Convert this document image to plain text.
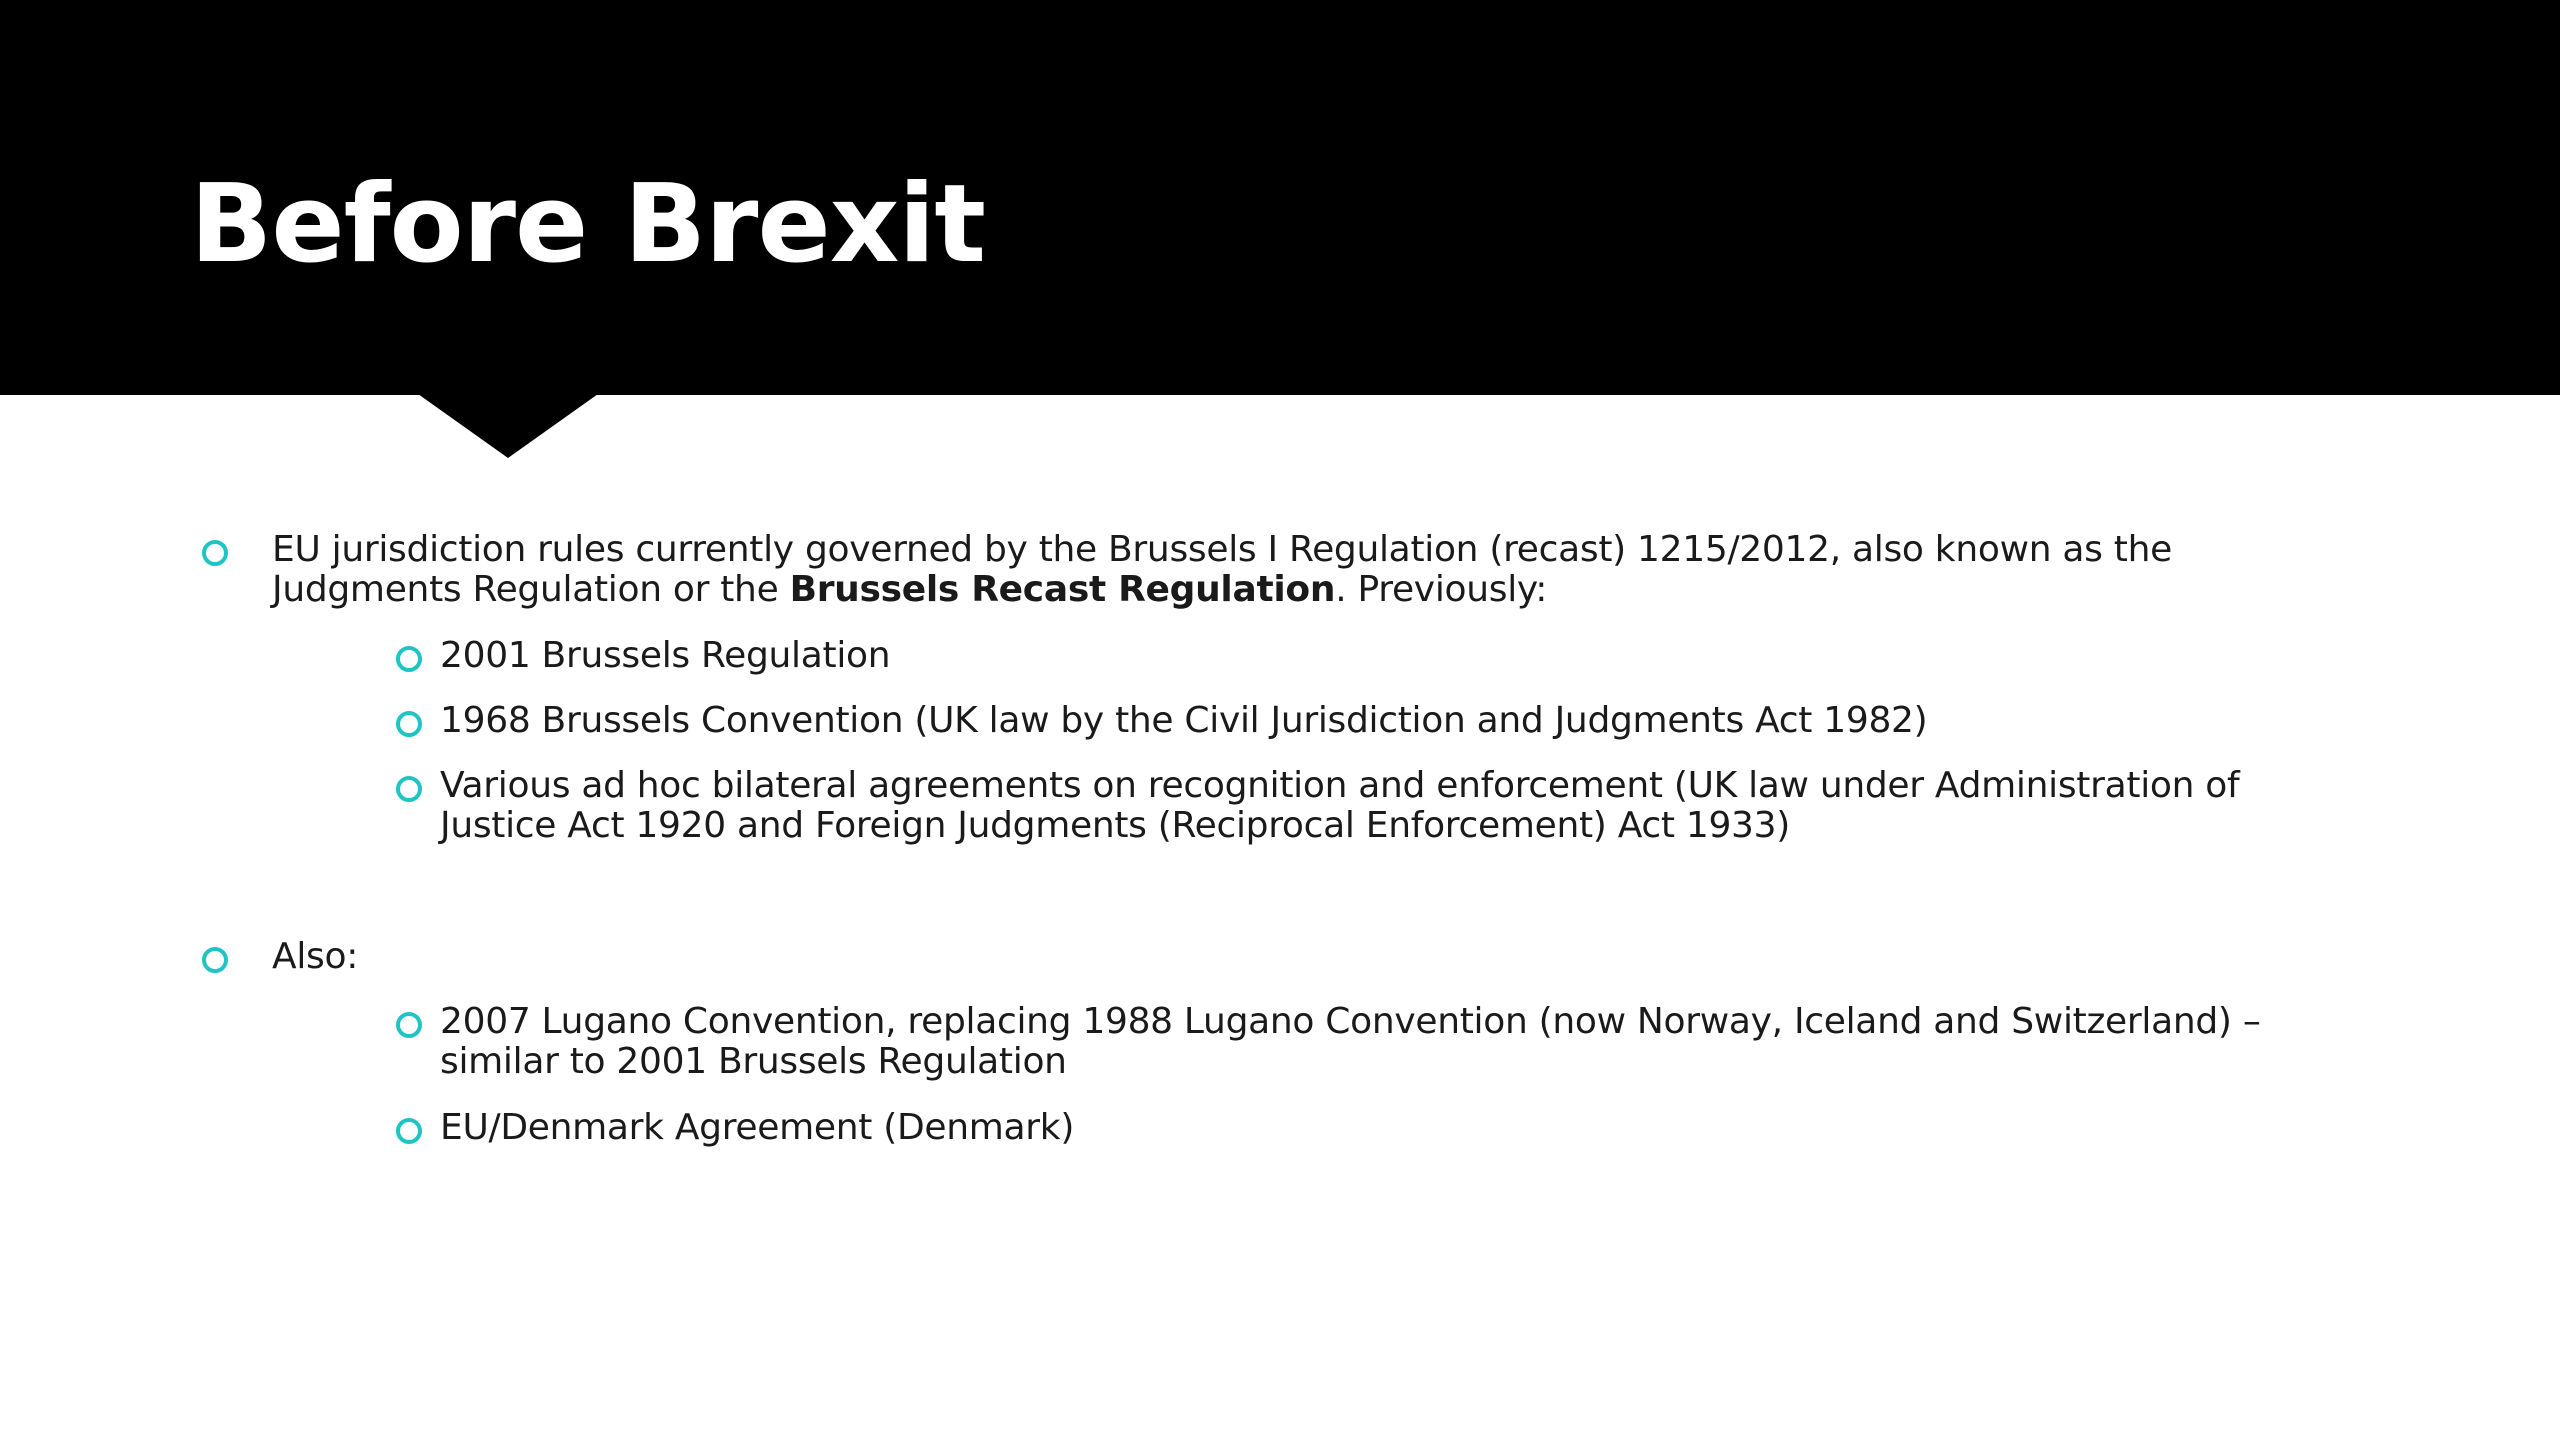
Before Brexit
EU jurisdiction rules currently governed by the Brussels I Regulation (recast) 1215/2012, also known as the Judgments Regulation or the Brussels Recast Regulation. Previously:
2001 Brussels Regulation
1968 Brussels Convention (UK law by the Civil Jurisdiction and Judgments Act 1982)
Various ad hoc bilateral agreements on recognition and enforcement (UK law under Administration of Justice Act 1920 and Foreign Judgments (Reciprocal Enforcement) Act 1933)
Also:
2007 Lugano Convention, replacing 1988 Lugano Convention (now Norway, Iceland and Switzerland) – similar to 2001 Brussels Regulation
EU/Denmark Agreement (Denmark)
